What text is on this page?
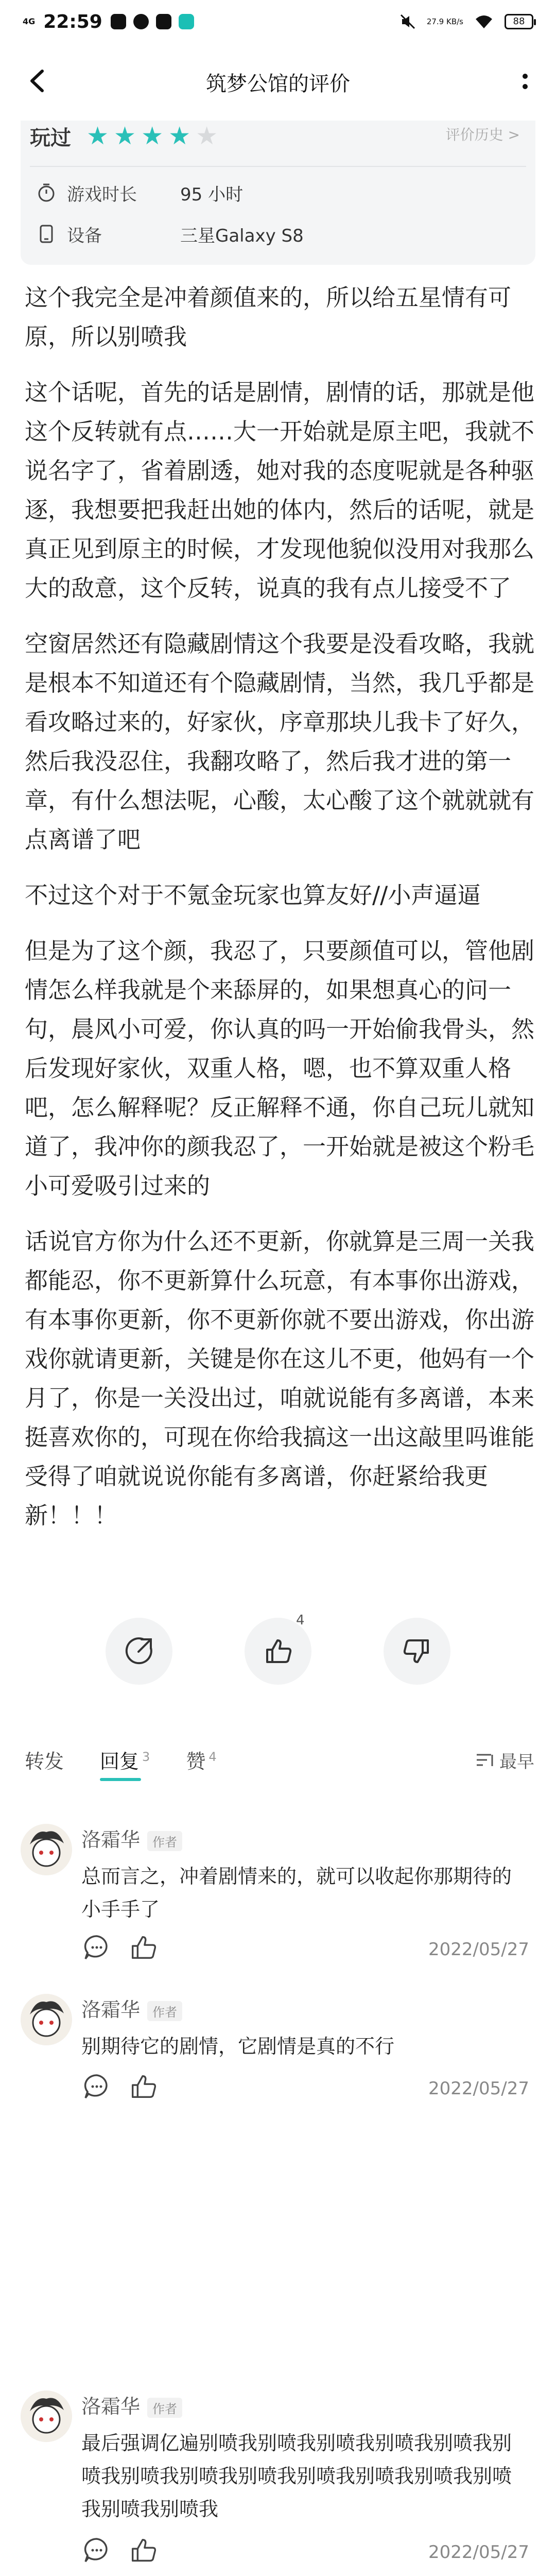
4G 22:59	27.9 KB/s	88
筑梦公馆的评价
玩过 ★ ★ ★ ★ ★	评价历史 >
游戏时长	95 小时
设备	三星Galaxy S8

这个我完全是冲着颜值来的，所以给五星情有可原，所以别喷我

这个话呢，首先的话是剧情，剧情的话，那就是他这个反转就有点……大一开始就是原主吧，我就不说名字了，省着剧透，她对我的态度呢就是各种驱逐，我想要把我赶出她的体内，然后的话呢，就是真正见到原主的时候，才发现他貌似没用对我那么大的敌意，这个反转，说真的我有点儿接受不了

空窗居然还有隐藏剧情这个我要是没看攻略，我就是根本不知道还有个隐藏剧情，当然，我几乎都是看攻略过来的，好家伙，序章那块儿我卡了好久，然后我没忍住，我翻攻略了，然后我才进的第一章，有什么想法呢，心酸，太心酸了这个就就就有点离谱了吧

不过这个对于不氪金玩家也算友好//小声逼逼

但是为了这个颜，我忍了，只要颜值可以，管他剧情怎么样我就是个来舔屏的，如果想真心的问一句，晨风小可爱，你认真的吗一开始偷我骨头，然后发现好家伙，双重人格，嗯，也不算双重人格吧，怎么解释呢？反正解释不通，你自己玩儿就知道了，我冲你的颜我忍了，一开始就是被这个粉毛小可爱吸引过来的

话说官方你为什么还不更新，你就算是三周一关我都能忍，你不更新算什么玩意，有本事你出游戏，有本事你更新，你不更新你就不要出游戏，你出游戏你就请更新，关键是你在这儿不更，他妈有一个月了，你是一关没出过，咱就说能有多离谱，本来挺喜欢你的，可现在你给我搞这一出这敲里吗谁能受得了咱就说说你能有多离谱，你赶紧给我更新！！！

4
转发 回复 $^3$ 赞 $^4$	最早
洛霜华 作者
总而言之，冲着剧情来的，就可以收起你那期待的小手手了
2022/05/27
洛霜华 作者
别期待它的剧情，它剧情是真的不行
2022/05/27
洛霜华 作者
最后强调亿遍别喷我别喷我别喷我别喷我别喷我别喷我别喷我别喷我别喷我别喷我别喷我别喷我别喷我别喷我别喷我
2022/05/27
